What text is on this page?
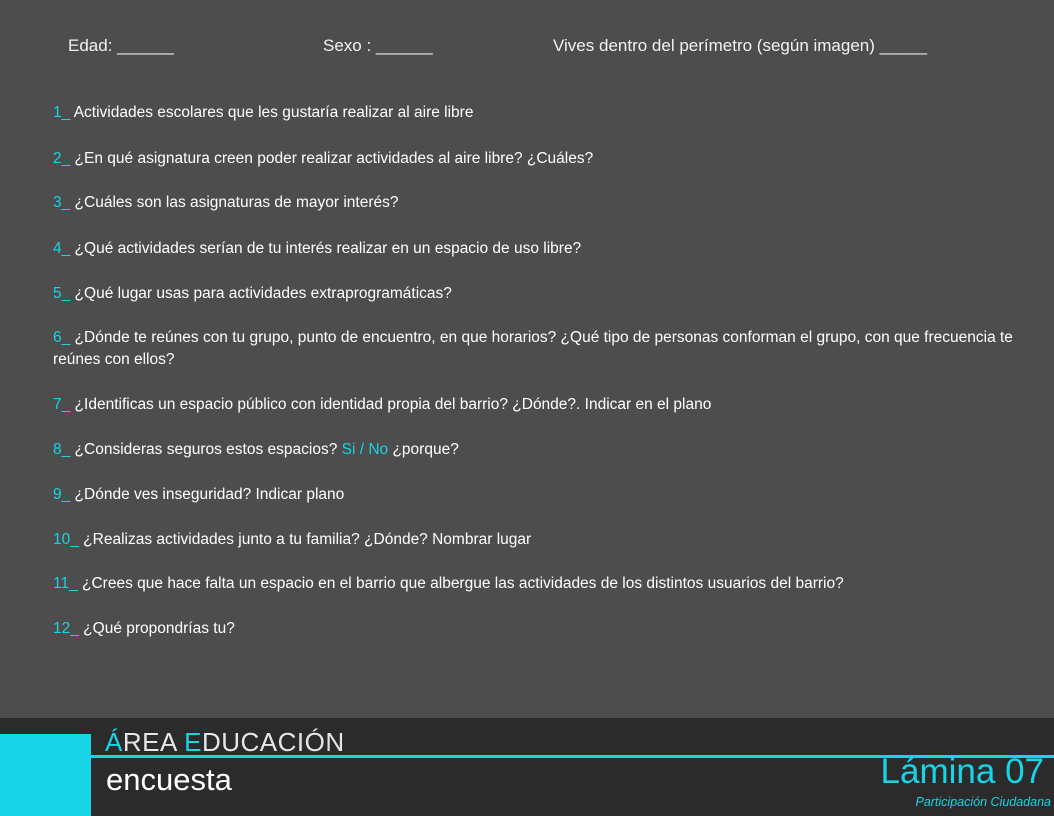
Edad: ______	Sexo : ______	Vives dentro del perímetro (según imagen) _____
1_ Actividades escolares que les gustaría realizar al aire libre
2_ ¿En qué asignatura creen poder realizar actividades al aire libre? ¿Cuáles?
3_ ¿Cuáles son las asignaturas de mayor interés?
4_ ¿Qué actividades serían de tu interés realizar en un espacio de uso libre?
5_ ¿Qué lugar usas para actividades extraprogramáticas?
6_ ¿Dónde te reúnes con tu grupo, punto de encuentro, en que horarios? ¿Qué tipo de personas conforman el grupo, con que frecuencia te reúnes con ellos?
7_ ¿Identificas un espacio público con identidad propia del barrio? ¿Dónde?. Indicar en el plano
8_ ¿Consideras seguros estos espacios? Si / No ¿porque?
9_ ¿Dónde ves inseguridad? Indicar plano
10_ ¿Realizas actividades junto a tu familia? ¿Dónde? Nombrar lugar
11_ ¿Crees que hace falta un espacio en el barrio que albergue las actividades de los distintos usuarios del barrio?
12_ ¿Qué propondrías tu?
ÁREA EDUCACIÓN
encuesta	Lámina 07
Participación Ciudadana
